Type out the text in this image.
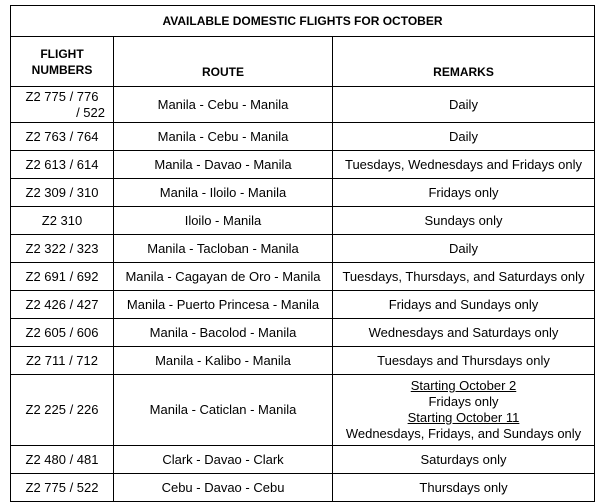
AVAILABLE DOMESTIC FLIGHTS FOR OCTOBER		
FLIGHT
NUMBERS	ROUTE	REMARKS
Z2 775 / 776
/ 522	Manila - Cebu - Manila	Daily
Z2 763 / 764	Manila - Cebu - Manila	Daily
Z2 613 / 614	Manila - Davao - Manila	Tuesdays, Wednesdays and Fridays only
Z2 309 / 310	Manila - Iloilo - Manila	Fridays only
Z2 310	Iloilo - Manila	Sundays only
Z2 322 / 323	Manila - Tacloban - Manila	Daily
Z2 691 / 692	Manila - Cagayan de Oro - Manila	Tuesdays, Thursdays, and Saturdays only
Z2 426 / 427	Manila - Puerto Princesa - Manila	Fridays and Sundays only
Z2 605 / 606	Manila - Bacolod - Manila	Wednesdays and Saturdays only
Z2 711 / 712	Manila - Kalibo - Manila	Tuesdays and Thursdays only
Z2 225 / 226	Manila - Caticlan - Manila	Starting October 2
Fridays only
Starting October 11
Wednesdays, Fridays, and Sundays only

Z2 480 / 481	Clark - Davao - Clark	Saturdays only
Z2 775 / 522	Cebu - Davao - Cebu	Thursdays only
